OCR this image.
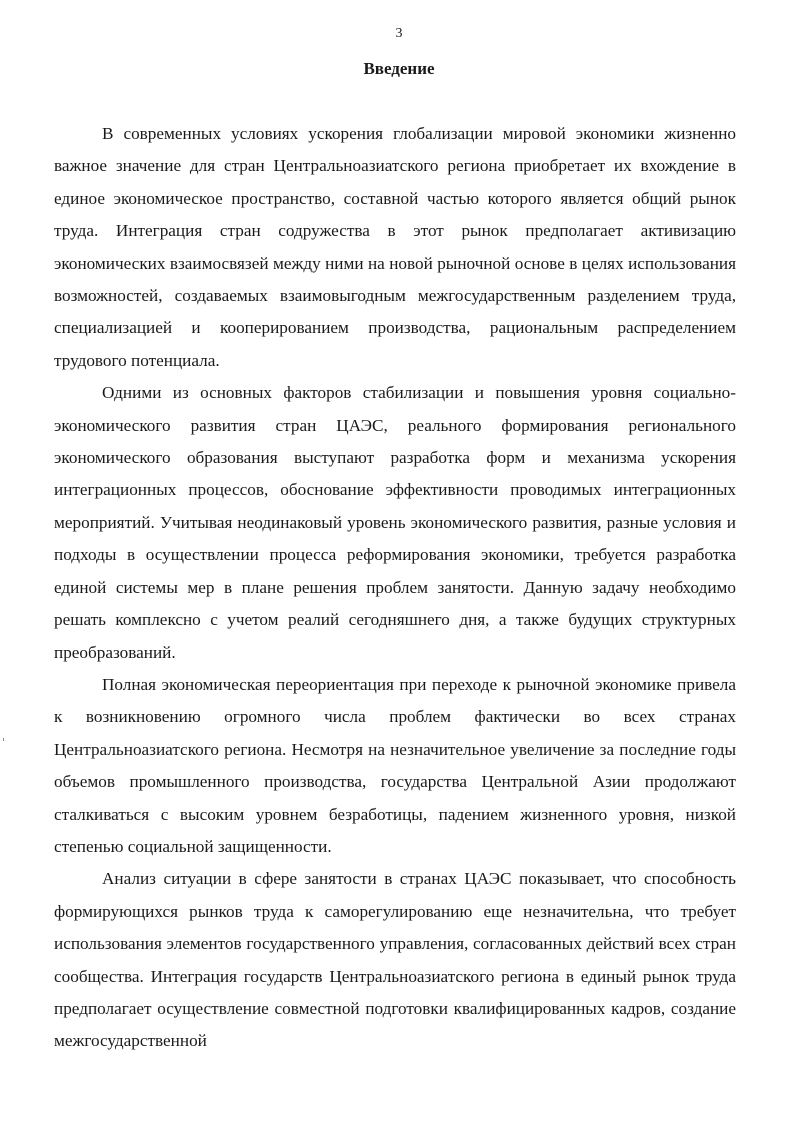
3
Введение

В современных условиях ускорения глобализации мировой экономики жизненно важное значение для стран Центральноазиатского региона приобретает их вхождение в единое экономическое пространство, составной частью которого является общий рынок труда. Интеграция стран содружества в этот рынок предполагает активизацию экономических взаимосвязей между ними на новой рыночной основе в целях использования возможностей, создаваемых взаимовыгодным межгосударственным разделением труда, специализацией и кооперированием производства, рациональным распределением трудового потенциала.

Одними из основных факторов стабилизации и повышения уровня социально-экономического развития стран ЦАЭС, реального формирования регионального экономического образования выступают разработка форм и механизма ускорения интеграционных процессов, обоснование эффективности проводимых интеграционных мероприятий. Учитывая неодинаковый уровень экономического развития, разные условия и подходы в осуществлении процесса реформирования экономики, требуется разработка единой системы мер в плане решения проблем занятости. Данную задачу необходимо решать комплексно с учетом реалий сегодняшнего дня, а также будущих структурных преобразований.

Полная экономическая переориентация при переходе к рыночной экономике привела к возникновению огромного числа проблем фактически во всех странах Центральноазиатского региона. Несмотря на незначительное увеличение за последние годы объемов промышленного производства, государства Центральной Азии продолжают сталкиваться с высоким уровнем безработицы, падением жизненного уровня, низкой степенью социальной защищенности.

Анализ ситуации в сфере занятости в странах ЦАЭС показывает, что способность формирующихся рынков труда к саморегулированию еще незначительна, что требует использования элементов государственного управления, согласованных действий всех стран сообщества. Интеграция государств Центральноазиатского региона в единый рынок труда предполагает осуществление совместной подготовки квалифицированных кадров, создание межгосударственной
